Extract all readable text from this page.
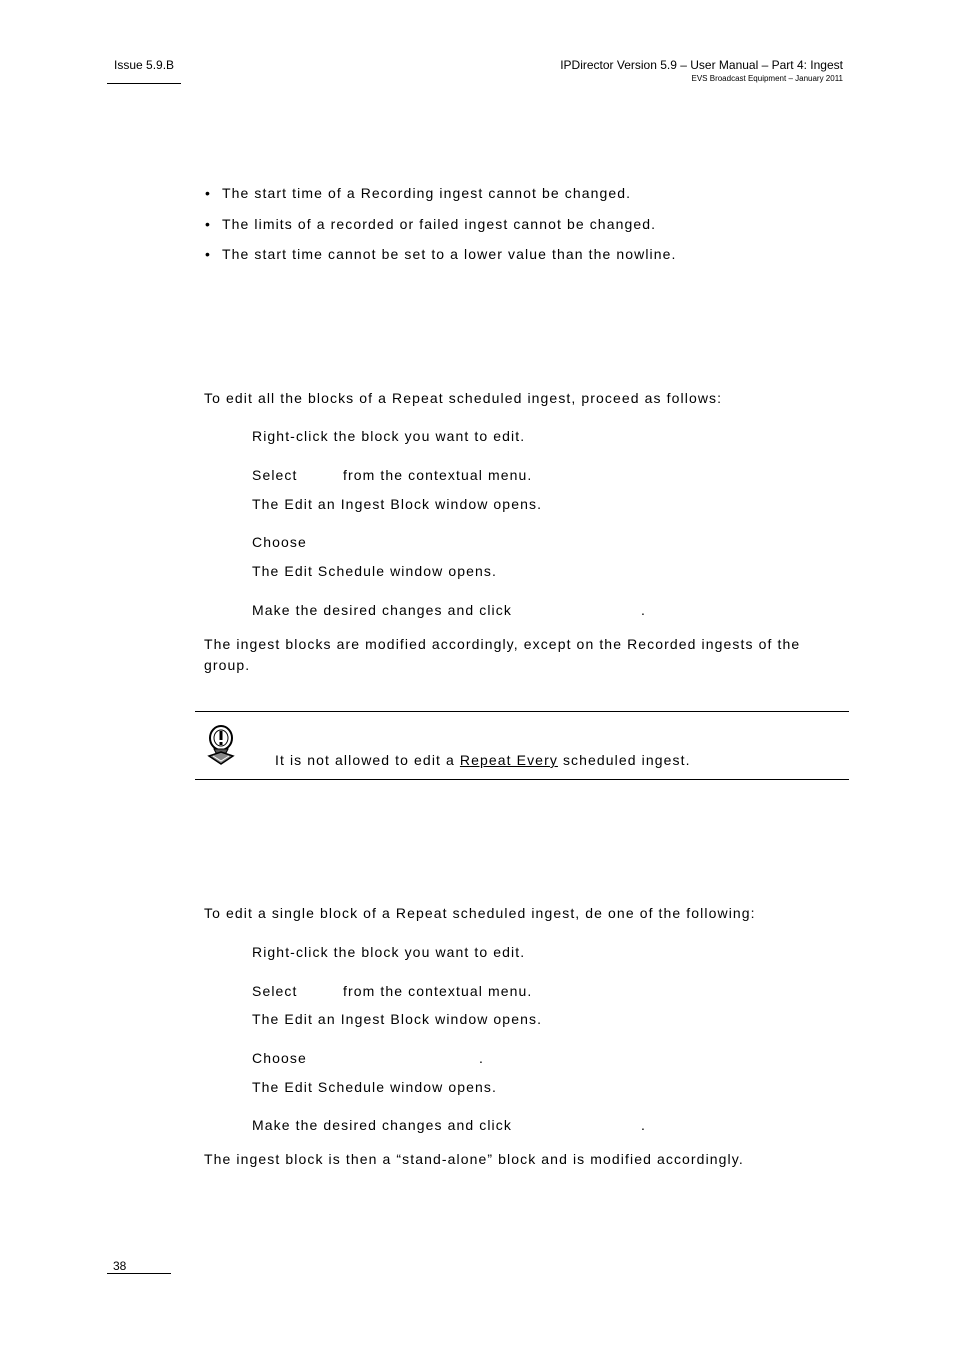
Issue 5.9.B	IPDirector Version 5.9 – User Manual – Part 4: Ingest
EVS Broadcast Equipment – January 2011
• The start time of a Recording ingest cannot be changed.
• The limits of a recorded or failed ingest cannot be changed.
• The start time cannot be set to a lower value than the nowline.
To edit all the blocks of a Repeat scheduled ingest, proceed as follows:
Right-click the block you want to edit.
Select	from the contextual menu.
The Edit an Ingest Block window opens.
Choose
The Edit Schedule window opens.
Make the desired changes and click	.
The ingest blocks are modified accordingly, except on the Recorded ingests of the group.
It is not allowed to edit a Repeat Every scheduled ingest.
To edit a single block of a Repeat scheduled ingest, de one of the following:
Right-click the block you want to edit.
Select	from the contextual menu.
The Edit an Ingest Block window opens.
Choose	.
The Edit Schedule window opens.
Make the desired changes and click	.
The ingest block is then a “stand-alone” block and is modified accordingly.
38
